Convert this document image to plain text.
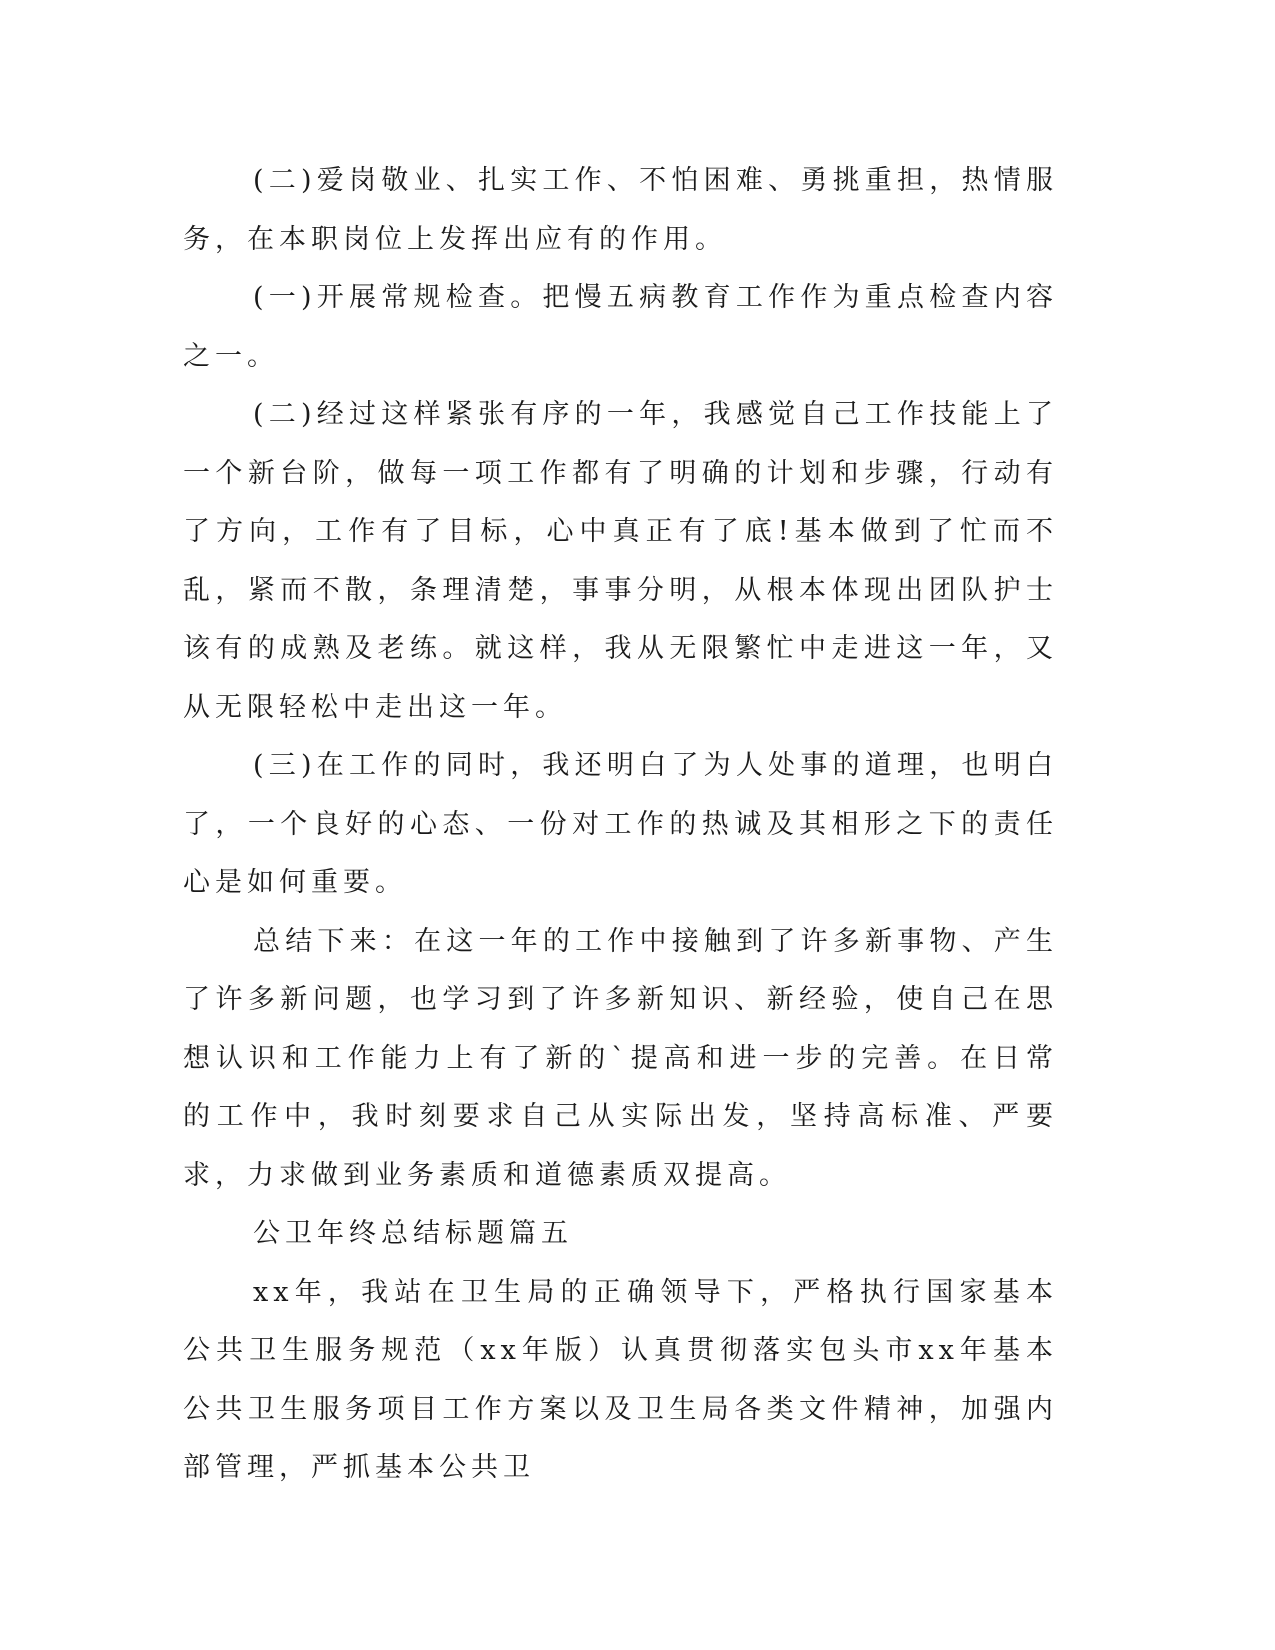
(二)爱岗敬业、扎实工作、不怕困难、勇挑重担，热情服务，在本职岗位上发挥出应有的作用。

(一)开展常规检查。把慢五病教育工作作为重点检查内容之一。

(二)经过这样紧张有序的一年，我感觉自己工作技能上了一个新台阶，做每一项工作都有了明确的计划和步骤，行动有了方向，工作有了目标，心中真正有了底!基本做到了忙而不乱，紧而不散，条理清楚，事事分明，从根本体现出团队护士该有的成熟及老练。就这样，我从无限繁忙中走进这一年，又从无限轻松中走出这一年。

(三)在工作的同时，我还明白了为人处事的道理，也明白了，一个良好的心态、一份对工作的热诚及其相形之下的责任心是如何重要。

总结下来：在这一年的工作中接触到了许多新事物、产生了许多新问题，也学习到了许多新知识、新经验，使自己在思想认识和工作能力上有了新的`提高和进一步的完善。在日常的工作中，我时刻要求自己从实际出发，坚持高标准、严要求，力求做到业务素质和道德素质双提高。

公卫年终总结标题篇五

xx年，我站在卫生局的正确领导下，严格执行国家基本公共卫生服务规范（xx年版）认真贯彻落实包头市xx年基本公共卫生服务项目工作方案以及卫生局各类文件精神，加强内部管理，严抓基本公共卫
